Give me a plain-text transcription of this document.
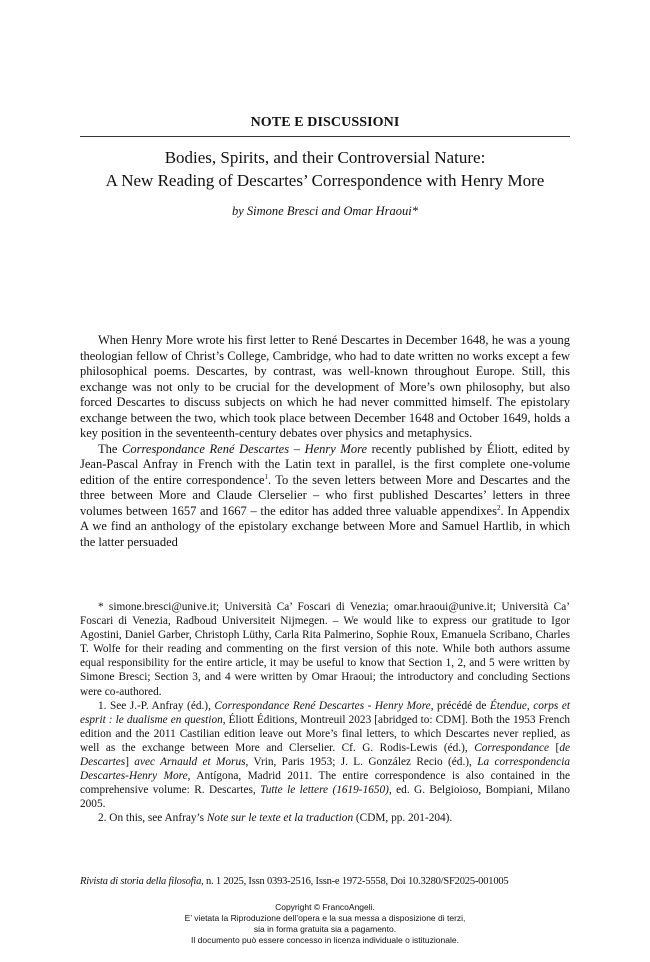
NOTE E DISCUSSIONI
Bodies, Spirits, and their Controversial Nature:
A New Reading of Descartes’ Correspondence with Henry More
by Simone Bresci and Omar Hraoui*

When Henry More wrote his first letter to René Descartes in December 1648, he was a young theologian fellow of Christ’s College, Cambridge, who had to date written no works except a few philosophical poems. Descartes, by contrast, was well-known throughout Europe. Still, this exchange was not only to be crucial for the development of More’s own philosophy, but also forced Descartes to discuss subjects on which he had never committed himself. The epistolary exchange between the two, which took place between December 1648 and October 1649, holds a key position in the seventeenth-century debates over physics and metaphysics.

The Correspondance René Descartes – Henry More recently published by Éliott, edited by Jean-Pascal Anfray in French with the Latin text in parallel, is the first complete one-volume edition of the entire correspondence$^1$. To the seven letters between More and Descartes and the three between More and Claude Clerselier – who first published Descartes’ letters in three volumes between 1657 and 1667 – the editor has added three valuable appendixes$^2$. In Appendix A we find an anthology of the epistolary exchange between More and Samuel Hartlib, in which the latter persuaded

* simone.bresci@unive.it; Università Ca’ Foscari di Venezia; omar.hraoui@unive.it; Università Ca’ Foscari di Venezia, Radboud Universiteit Nijmegen. – We would like to express our gratitude to Igor Agostini, Daniel Garber, Christoph Lüthy, Carla Rita Palmerino, Sophie Roux, Emanuela Scribano, Charles T. Wolfe for their reading and commenting on the first version of this note. While both authors assume equal responsibility for the entire article, it may be useful to know that Section 1, 2, and 5 were written by Simone Bresci; Section 3, and 4 were written by Omar Hraoui; the introductory and concluding Sections were co-authored.

1. See J.-P. Anfray (éd.), Correspondance René Descartes - Henry More, précédé de Étendue, corps et esprit : le dualisme en question, Éliott Éditions, Montreuil 2023 [abridged to: CDM]. Both the 1953 French edition and the 2011 Castilian edition leave out More’s final letters, to which Descartes never replied, as well as the exchange between More and Clerselier. Cf. G. Rodis-Lewis (éd.), Correspondance [de Descartes] avec Arnauld et Morus, Vrin, Paris 1953; J. L. González Recio (éd.), La correspondencia Descartes-Henry More, Antígona, Madrid 2011. The entire correspondence is also contained in the comprehensive volume: R. Descartes, Tutte le lettere (1619-1650), ed. G. Belgioioso, Bompiani, Milano 2005.

2. On this, see Anfray’s Note sur le texte et la traduction (CDM, pp. 201-204).

Rivista di storia della filosofia, n. 1 2025, Issn 0393-2516, Issn-e 1972-5558, Doi 10.3280/SF2025-001005
Copyright © FrancoAngeli.
E’ vietata la Riproduzione dell’opera e la sua messa a disposizione di terzi,
sia in forma gratuita sia a pagamento.
Il documento può essere concesso in licenza individuale o istituzionale.
